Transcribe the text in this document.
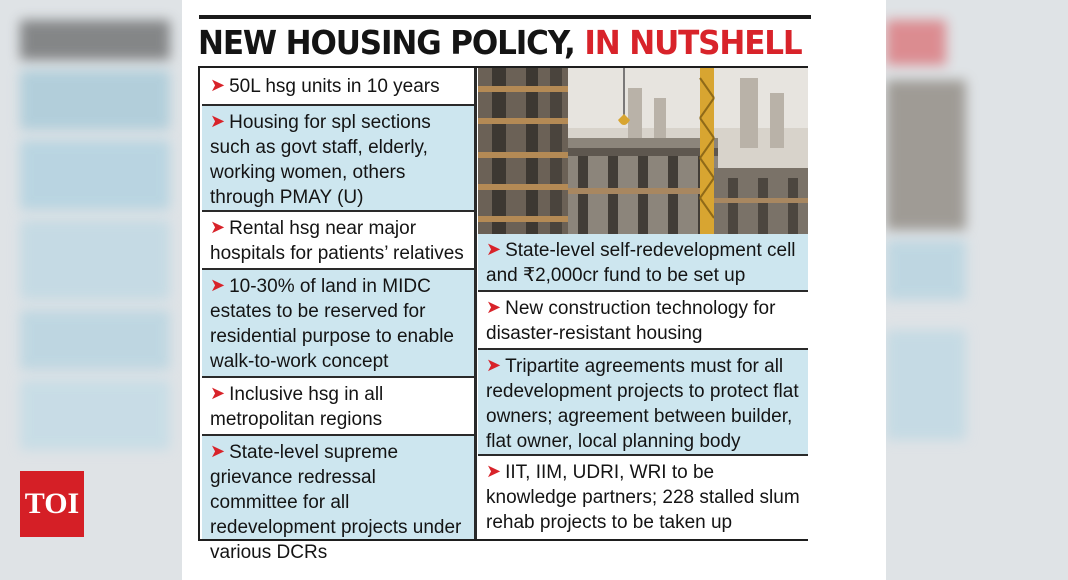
TOI
NEW HOUSING POLICY, IN NUTSHELL
➤ 50L hsg units in 10 years
➤ Housing for spl sections such as govt staff, elderly, working women, others through PMAY (U)
➤ Rental hsg near major hospitals for patients’ relatives
➤ 10-30% of land in MIDC estates to be reserved for residential purpose to enable walk-to-work concept
➤ Inclusive hsg in all metropolitan regions
➤ State-level supreme grievance redressal committee for all redevelopment projects under various DCRs
➤ State-level self-redevelopment cell and ₹2,000cr fund to be set up
➤ New construction technology for disaster-resistant housing
➤ Tripartite agreements must for all redevelopment projects to protect flat owners; agreement between builder, flat owner, local planning body
➤ IIT, IIM, UDRI, WRI to be knowledge partners; 228 stalled slum rehab projects to be taken up
